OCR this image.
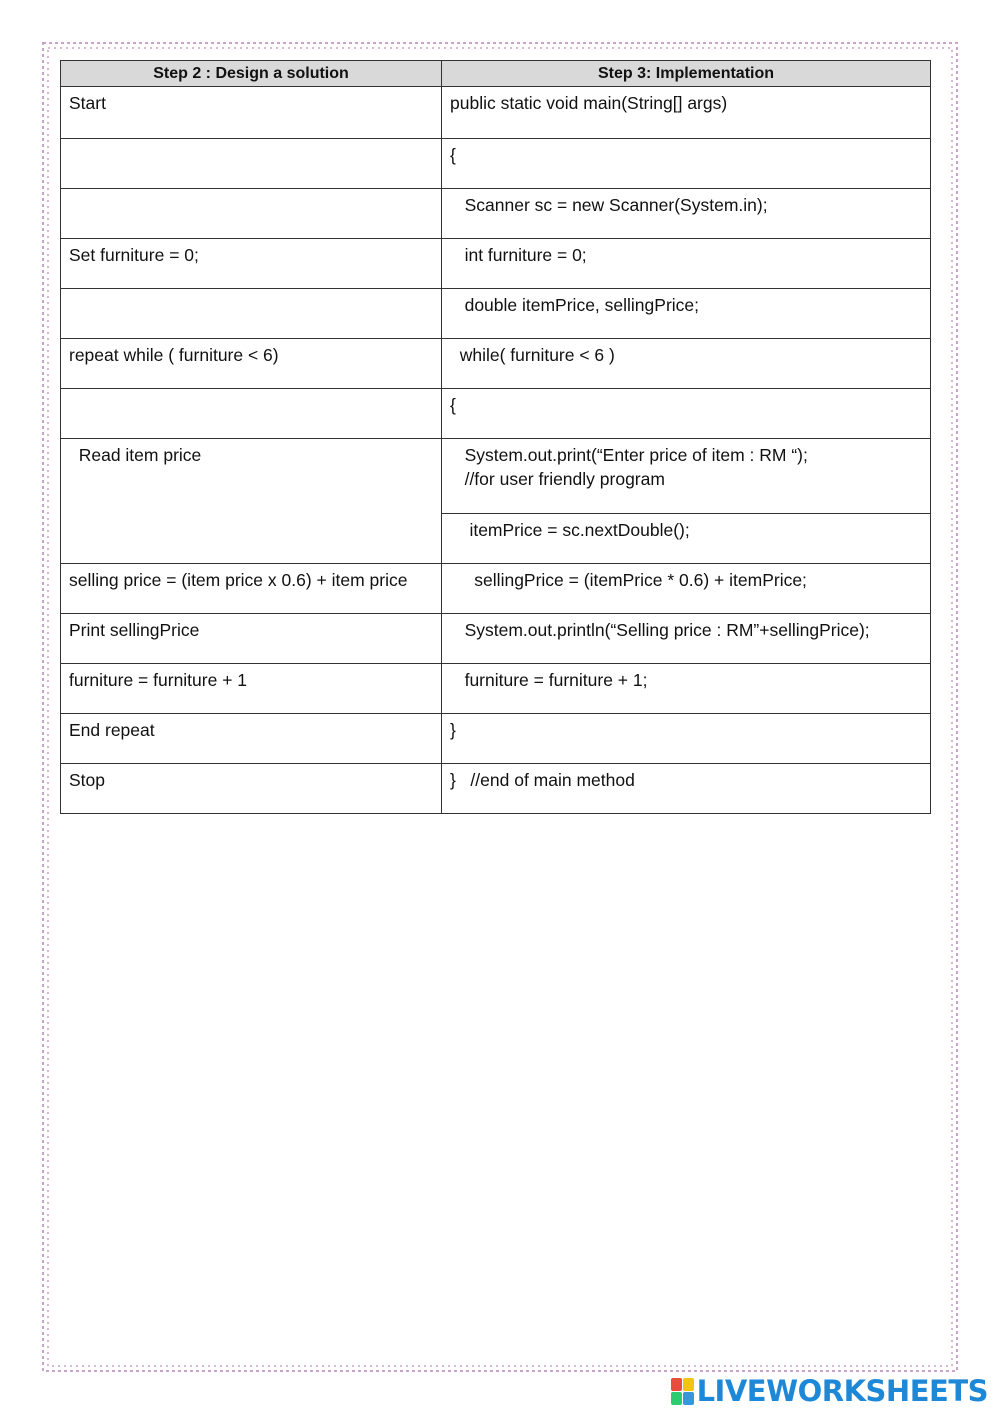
Step 2 : Design a solution	Step 3: Implementation
Start	public static void main(String[] args)
	{
	Scanner sc = new Scanner(System.in);
Set furniture = 0;	int furniture = 0;
	double itemPrice, sellingPrice;
repeat while ( furniture < 6)	while( furniture < 6 )
	{
Read item price	System.out.print(“Enter price of item : RM “);
//for user friendly program
	itemPrice = sc.nextDouble();
selling price = (item price x 0.6) + item price	sellingPrice = (itemPrice * 0.6) + itemPrice;
Print sellingPrice	System.out.println(“Selling price : RM”+sellingPrice);
furniture = furniture + 1	furniture = furniture + 1;
End repeat	}
Stop	}   //end of main method
LIVEWORKSHEETS
